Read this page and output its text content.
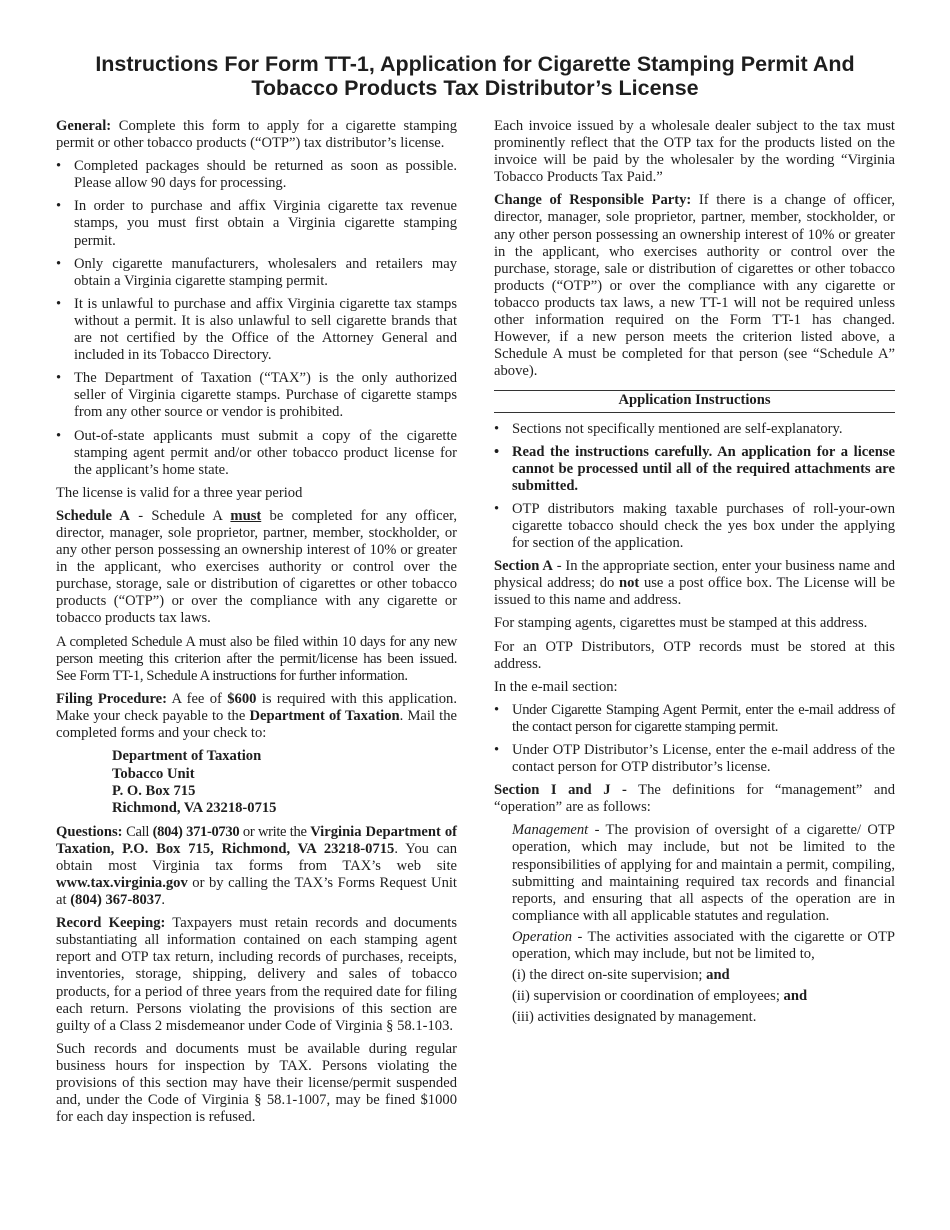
Instructions For Form TT-1, Application for Cigarette Stamping Permit And
Tobacco Products Tax Distributor’s License

General: Complete this form to apply for a cigarette stamping permit or other tobacco products (“OTP”) tax distributor’s license.

• Completed packages should be returned as soon as possible. Please allow 90 days for processing.
• In order to purchase and affix Virginia cigarette tax revenue stamps, you must first obtain a Virginia cigarette stamping permit.
• Only cigarette manufacturers, wholesalers and retailers may obtain a Virginia cigarette stamping permit.
• It is unlawful to purchase and affix Virginia cigarette tax stamps without a permit. It is also unlawful to sell cigarette brands that are not certified by the Office of the Attorney General and included in its Tobacco Directory.
• The Department of Taxation (“TAX”) is the only authorized seller of Virginia cigarette stamps. Purchase of cigarette stamps from any other source or vendor is prohibited.
• Out-of-state applicants must submit a copy of the cigarette stamping agent permit and/or other tobacco product license for the applicant’s home state.

The license is valid for a three year period

Schedule A - Schedule A must be completed for any officer, director, manager, sole proprietor, partner, member, stockholder, or any other person possessing an ownership interest of 10% or greater in the applicant, who exercises authority or control over the purchase, storage, sale or distribution of cigarettes or other tobacco products (“OTP”) or over the compliance with any cigarette or tobacco products tax laws.

A completed Schedule A must also be filed within 10 days for any new person meeting this criterion after the permit/license has been issued. See Form TT-1, Schedule A instructions for further information.

Filing Procedure: A fee of $600 is required with this application. Make your check payable to the Department of Taxation. Mail the completed forms and your check to:

Department of Taxation
Tobacco Unit
P. O. Box 715
Richmond, VA 23218-0715

Questions: Call (804) 371-0730 or write the Virginia Department of Taxation, P.O. Box 715, Richmond, VA 23218-0715. You can obtain most Virginia tax forms from TAX’s web site www.tax.virginia.gov or by calling the TAX’s Forms Request Unit at (804) 367-8037.

Record Keeping: Taxpayers must retain records and documents substantiating all information contained on each stamping agent report and OTP tax return, including records of purchases, receipts, inventories, storage, shipping, delivery and sales of tobacco products, for a period of three years from the required date for filing each return. Persons violating the provisions of this section are guilty of a Class 2 misdemeanor under Code of Virginia § 58.1-103.

Such records and documents must be available during regular business hours for inspection by TAX. Persons violating the provisions of this section may have their license/permit suspended and, under the Code of Virginia § 58.1-1007, may be fined $1000 for each day inspection is refused.

Each invoice issued by a wholesale dealer subject to the tax must prominently reflect that the OTP tax for the products listed on the invoice will be paid by the wholesaler by the wording “Virginia Tobacco Products Tax Paid.”

Change of Responsible Party: If there is a change of officer, director, manager, sole proprietor, partner, member, stockholder, or any other person possessing an ownership interest of 10% or greater in the applicant, who exercises authority or control over the purchase, storage, sale or distribution of cigarettes or other tobacco products (“OTP”) or over the compliance with any cigarette or tobacco products tax laws, a new TT-1 will not be required unless other information required on the Form TT-1 has changed. However, if a new person meets the criterion listed above, a Schedule A must be completed for that person (see “Schedule A” above).

Application Instructions
• Sections not specifically mentioned are self-explanatory.
• Read the instructions carefully. An application for a license cannot be processed until all of the required attachments are submitted.
• OTP distributors making taxable purchases of roll-your-own cigarette tobacco should check the yes box under the applying for section of the application.

Section A - In the appropriate section, enter your business name and physical address; do not use a post office box. The License will be issued to this name and address.

For stamping agents, cigarettes must be stamped at this address.

For an OTP Distributors, OTP records must be stored at this address.

In the e-mail section:

• Under Cigarette Stamping Agent Permit, enter the e-mail address of the contact person for cigarette stamping permit.
• Under OTP Distributor’s License, enter the e-mail address of the contact person for OTP distributor’s license.

Section I and J - The definitions for “management” and “operation” are as follows:

Management - The provision of oversight of a cigarette/ OTP operation, which may include, but not be limited to the responsibilities of applying for and maintain a permit, compiling, submitting and maintaining required tax records and financial reports, and ensuring that all aspects of the operation are in compliance with all applicable statutes and regulation.

Operation - The activities associated with the cigarette or OTP operation, which may include, but not be limited to,

(i) the direct on-site supervision; and

(ii) supervision or coordination of employees; and

(iii) activities designated by management.
